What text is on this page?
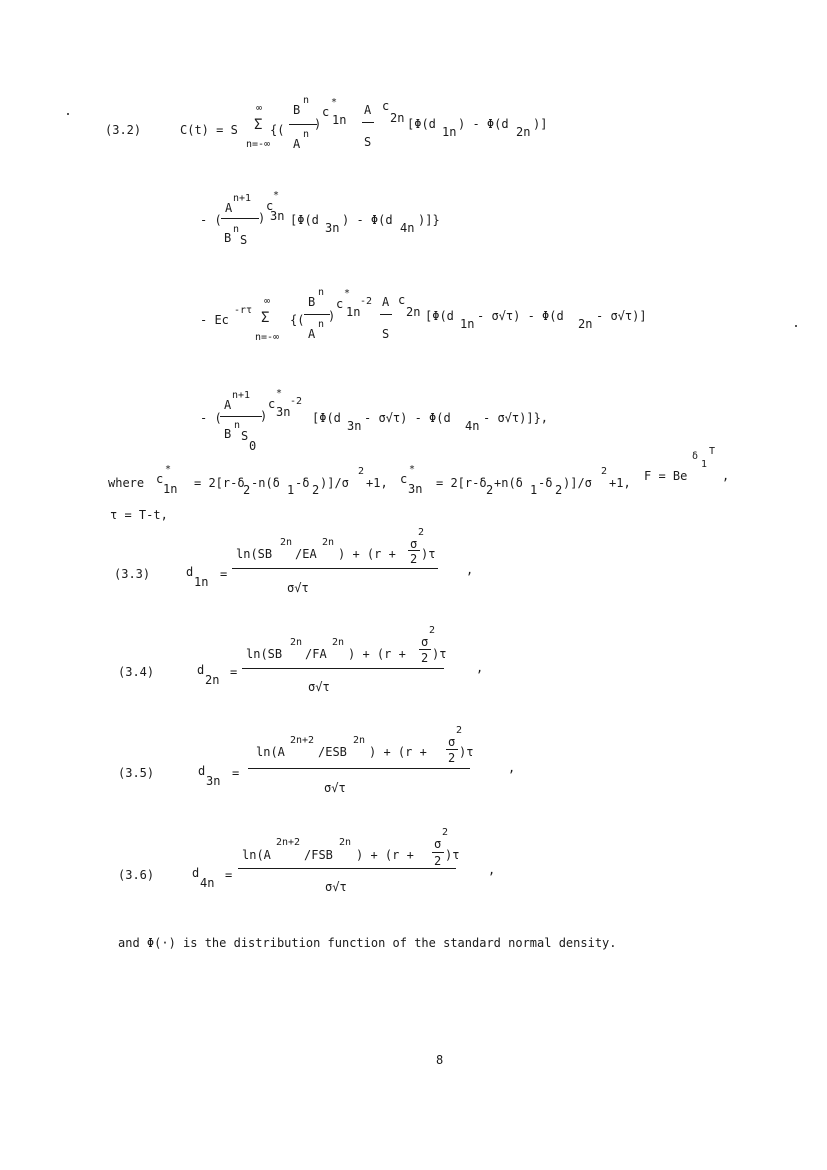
(3.2)	C(t) = S
∞
Σ
n=-∞
{(
B
n
A
n
)
c
*
1n
A
S
c
2n [Φ(d
1n
) - Φ(d
2n
)]
- (
A
n+1
B
n
S
)
c
*
3n [Φ(d
3n
) - Φ(d
4n
)]}
- Ec
-rτ
∞
Σ
n=-∞
{(
B
n
A
n
)
c
*
1n
-2 A
S
c
2n [Φ(d
1n
- σ√τ) - Φ(d
2n
- σ√τ)]
- (
A
n+1
B
n
S
0
)
c
*
3n
-2
[Φ(d
3n
- σ√τ) - Φ(d
4n
- σ√τ)]},
where c
*
1n = 2[r-δ
2 -n(δ 1 -δ 2 )]/σ
2
+1, c
*
3n = 2[r-δ 2 +n(δ 1 -δ 2 )]/σ
2
+1, F = Be
δ
1
T
,
τ = T-t,
(3.3)	d
1n
=
ln(SB
2n
/EA
2n
) + (r +
σ
2
2 )τ
σ√τ
,
(3.4)	d
2n
=
ln(SB
2n
/FA
2n
) + (r +
σ
2
2 )τ
σ√τ
,
(3.5)	d
3n
=
ln(A
2n+2
/ESB
2n
) + (r +
σ
2
2 )τ
σ√τ
,
(3.6)	d
4n
=
ln(A
2n+2
/FSB
2n
) + (r +
σ
2
2 )τ
σ√τ
,

and Φ(·) is the distribution function of the standard normal density.

8
